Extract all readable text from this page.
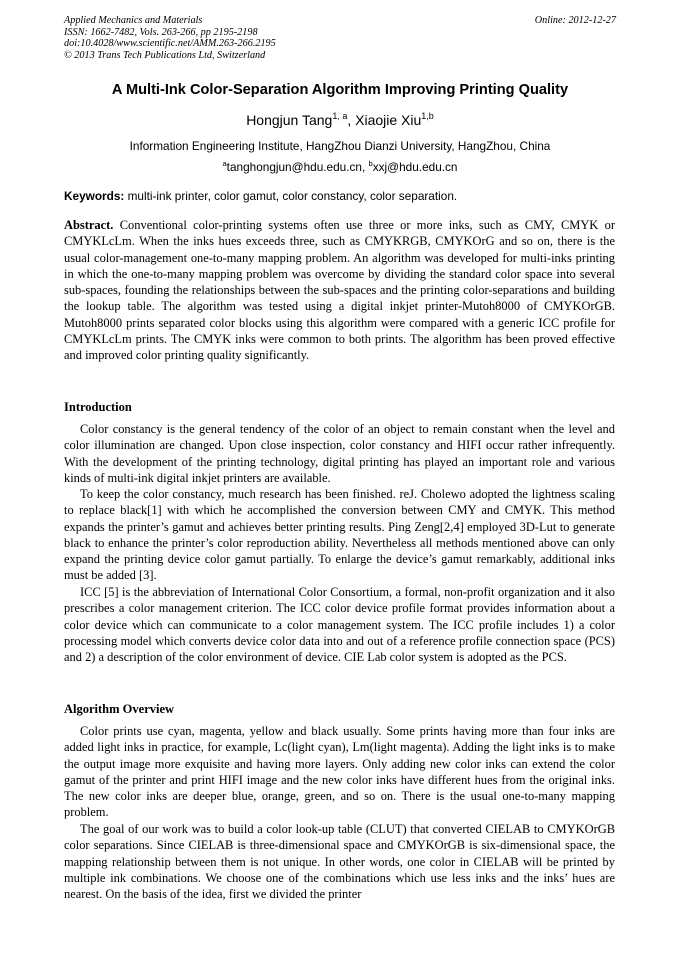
Applied Mechanics and Materials
ISSN: 1662-7482, Vols. 263-266, pp 2195-2198
doi:10.4028/www.scientific.net/AMM.263-266.2195
© 2013 Trans Tech Publications Ltd, Switzerland
Online: 2012-12-27
A Multi-Ink Color-Separation Algorithm Improving Printing Quality
Hongjun Tang$^{1, a}$, Xiaojie Xiu$^{1,b}$
Information Engineering Institute, HangZhou Dianzi University, HangZhou, China
$^a$tanghongjun@hdu.edu.cn, $^b$xxj@hdu.edu.cn
Keywords: multi-ink printer, color gamut, color constancy, color separation.
Abstract. Conventional color-printing systems often use three or more inks, such as CMY, CMYK or CMYKLcLm. When the inks hues exceeds three, such as CMYKRGB, CMYKOrG and so on, there is the usual color-management one-to-many mapping problem. An algorithm was developed for multi-inks printing in which the one-to-many mapping problem was overcome by dividing the standard color space into several sub-spaces, founding the relationships between the sub-spaces and the printing color-separations and building the lookup table. The algorithm was tested using a digital inkjet printer-Mutoh8000 of CMYKOrGB. Mutoh8000 prints separated color blocks using this algorithm were compared with a generic ICC profile for CMYKLcLm prints. The CMYK inks were common to both prints. The algorithm has been proved effective and improved color printing quality significantly.
Introduction
Color constancy is the general tendency of the color of an object to remain constant when the level and color illumination are changed. Upon close inspection, color constancy and HIFI occur rather infrequently. With the development of the printing technology, digital printing has played an important role and various kinds of multi-ink digital inkjet printers are available.
To keep the color constancy, much research has been finished. reJ. Cholewo adopted the lightness scaling to replace black[1] with which he accomplished the conversion between CMY and CMYK. This method expands the printer’s gamut and achieves better printing results. Ping Zeng[2,4] employed 3D-Lut to generate black to enhance the printer’s color reproduction ability. Nevertheless all methods mentioned above can only expand the printing device color gamut partially. To enlarge the device’s gamut remarkably, additional inks must be added [3].
ICC [5] is the abbreviation of International Color Consortium, a formal, non-profit organization and it also prescribes a color management criterion. The ICC color device profile format provides information about a color device which can communicate to a color management system. The ICC profile includes 1) a color processing model which converts device color data into and out of a reference profile connection space (PCS) and 2) a description of the color environment of device. CIE Lab color system is adopted as the PCS.
Algorithm Overview
Color prints use cyan, magenta, yellow and black usually. Some prints having more than four inks are added light inks in practice, for example, Lc(light cyan), Lm(light magenta). Adding the light inks is to make the output image more exquisite and having more layers. Only adding new color inks can extend the color gamut of the printer and print HIFI image and the new color inks have different hues from the original inks. The new color inks are deeper blue, orange, green, and so on. There is the usual one-to-many mapping problem.
The goal of our work was to build a color look-up table (CLUT) that converted CIELAB to CMYKOrGB color separations. Since CIELAB is three-dimensional space and CMYKOrGB is six-dimensional space, the mapping relationship between them is not unique. In other words, one color in CIELAB will be printed by multiple ink combinations. We choose one of the combinations which use less inks and the inks’ hues are nearest. On the basis of the idea, first we divided the printer
